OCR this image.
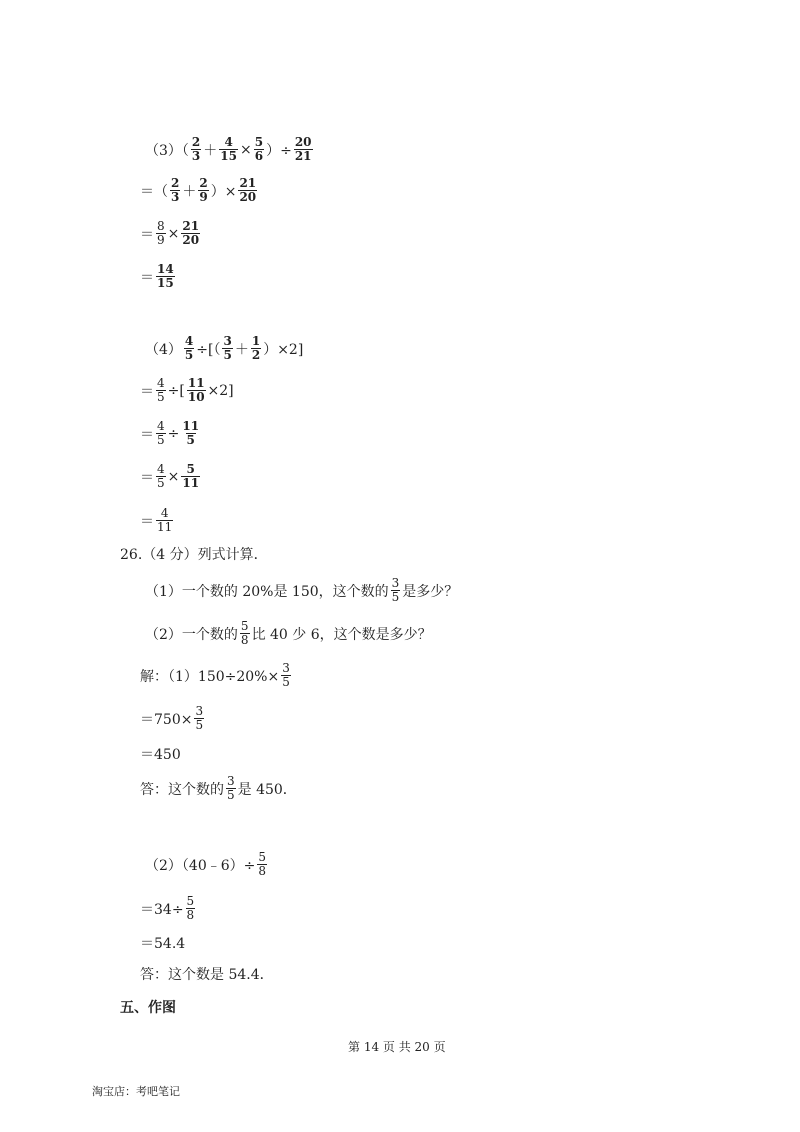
$(3)( \frac{2}{3} + \frac{4}{15} \times \frac{5}{6}$ ）÷ $\frac{20}{21}$
＝（ $\frac{2}{3} + \frac{2}{9}$ ）× $\frac{21}{20}$
＝ $\frac{8}{9} \times \frac{21}{20}$
＝ $\frac{14}{15}$
$(4) \frac{4}{5}$ ÷[（ $\frac{3}{5} + \frac{1}{2} )\times 2$]
＝ $\frac{4}{5}$ ÷[ $\frac{11}{10} \times 2$]
＝ $\frac{4}{5} \div \frac{11}{5}$
＝ $\frac{4}{5} \times \frac{5}{11}$
＝ $\frac{4}{11}$
26.（4 分）列式计算．
（1）一个数的 20%是 150，这个数的 $\frac{3}{5}$ 是多少？
（2）一个数的 $\frac{5}{8}$ 比 40 少 6，这个数是多少？
解：$(1)150\div 20\%\times \frac{3}{5}$
$=750\times \frac{3}{5}$
＝450
答：这个数的 $\frac{3}{5}$ 是 450．
（2）（40﹣6）÷ $\frac{5}{8}$
$=34\div \frac{5}{8}$
＝54.4
答：这个数是 54.4．
五、作图
第 14 页 共 20 页
淘宝店：考吧笔记
